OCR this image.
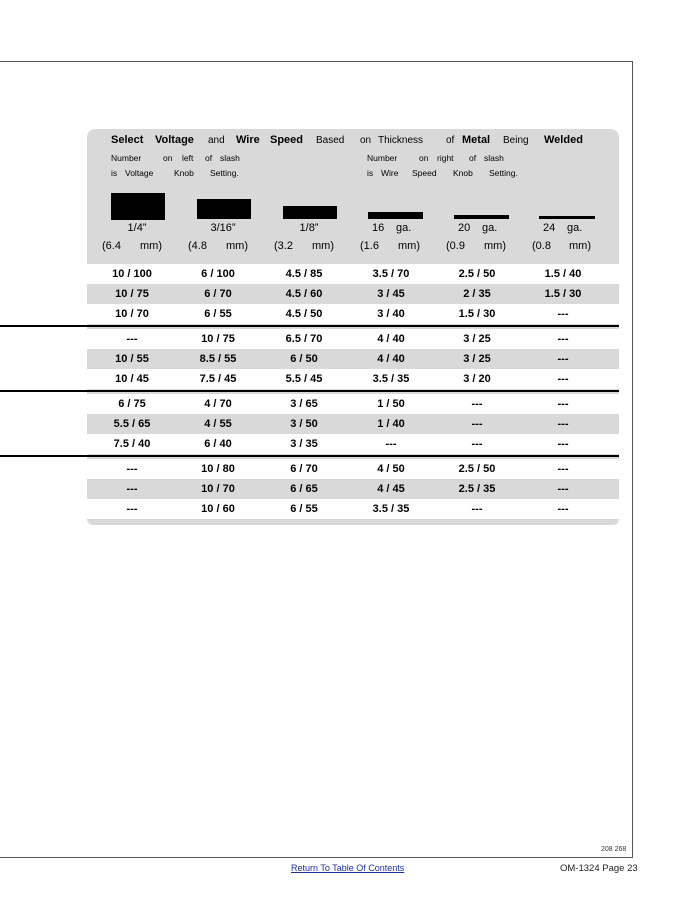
Select Voltage and Wire Speed Based on Thickness of Metal Being Welded
Number	on left of slash
is Voltage Knob Setting.
Number	on right of slash
is Wire Speed Knob Setting.
1/4”	3/16”	1/8”	16 ga.	20 ga.	24 ga.
(6.4 mm) (4.8 mm) (3.2 mm) (1.6 mm) (0.9 mm) (0.8 mm)
10 / 100	6 / 100	4.5 / 85	3.5 / 70	2.5 / 50	1.5 / 40
10 / 75	6 / 70	4.5 / 60	3 / 45	2 / 35	1.5 / 30
10 / 70	6 / 55	4.5 / 50	3 / 40	1.5 / 30	---
---	10 / 75	6.5 / 70	4 / 40	3 / 25	---
10 / 55	8.5 / 55	6 / 50	4 / 40	3 / 25	---
10 / 45	7.5 / 45	5.5 / 45	3.5 / 35	3 / 20	---
6 / 75	4 / 70	3 / 65	1 / 50	---	---
5.5 / 65	4 / 55	3 / 50	1 / 40	---	---
7.5 / 40	6 / 40	3 / 35	---	---	---
---	10 / 80	6 / 70	4 / 50	2.5 / 50	---
---	10 / 70	6 / 65	4 / 45	2.5 / 35	---
---	10 / 60	6 / 55	3.5 / 35	---	---
208 268
Return To Table Of Contents	OM-1324 Page 23
